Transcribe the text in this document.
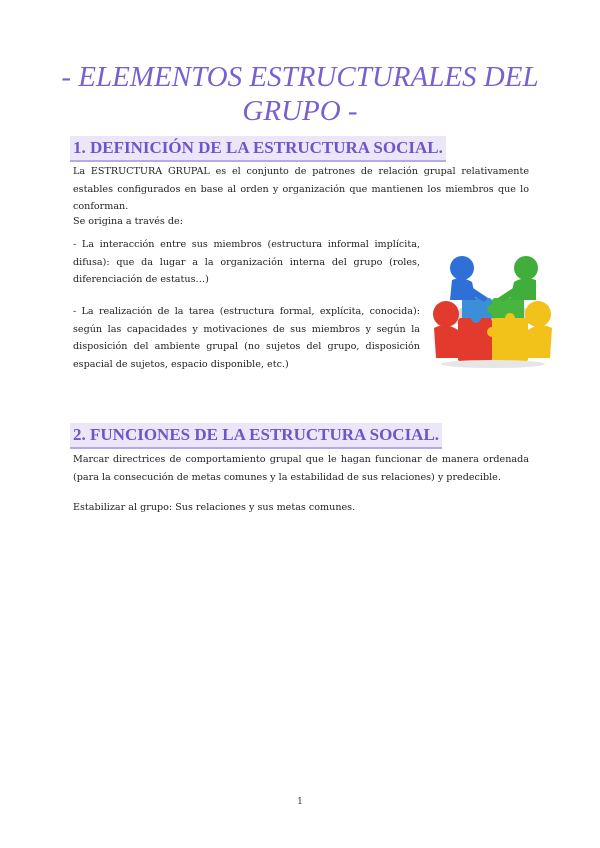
- ELEMENTOS ESTRUCTURALES DEL GRUPO -
1. DEFINICIÓN DE LA ESTRUCTURA SOCIAL.

La ESTRUCTURA GRUPAL es el conjunto de patrones de relación grupal relativamente estables configurados en base al orden y organización que mantienen los miembros que lo conforman.

Se origina a través de:

- La interacción entre sus miembros (estructura informal implícita, difusa): que da lugar a la organización interna del grupo (roles, diferenciación de estatus…)

- La realización de la tarea (estructura formal, explícita, conocida): según las capacidades y motivaciones de sus miembros y según la disposición del ambiente grupal (no sujetos del grupo, disposición espacial de sujetos, espacio disponible, etc.)

2. FUNCIONES DE LA ESTRUCTURA SOCIAL.

Marcar directrices de comportamiento grupal que le hagan funcionar de manera ordenada (para la consecución de metas comunes y la estabilidad de sus relaciones) y predecible.

Estabilizar al grupo: Sus relaciones y sus metas comunes.

1
